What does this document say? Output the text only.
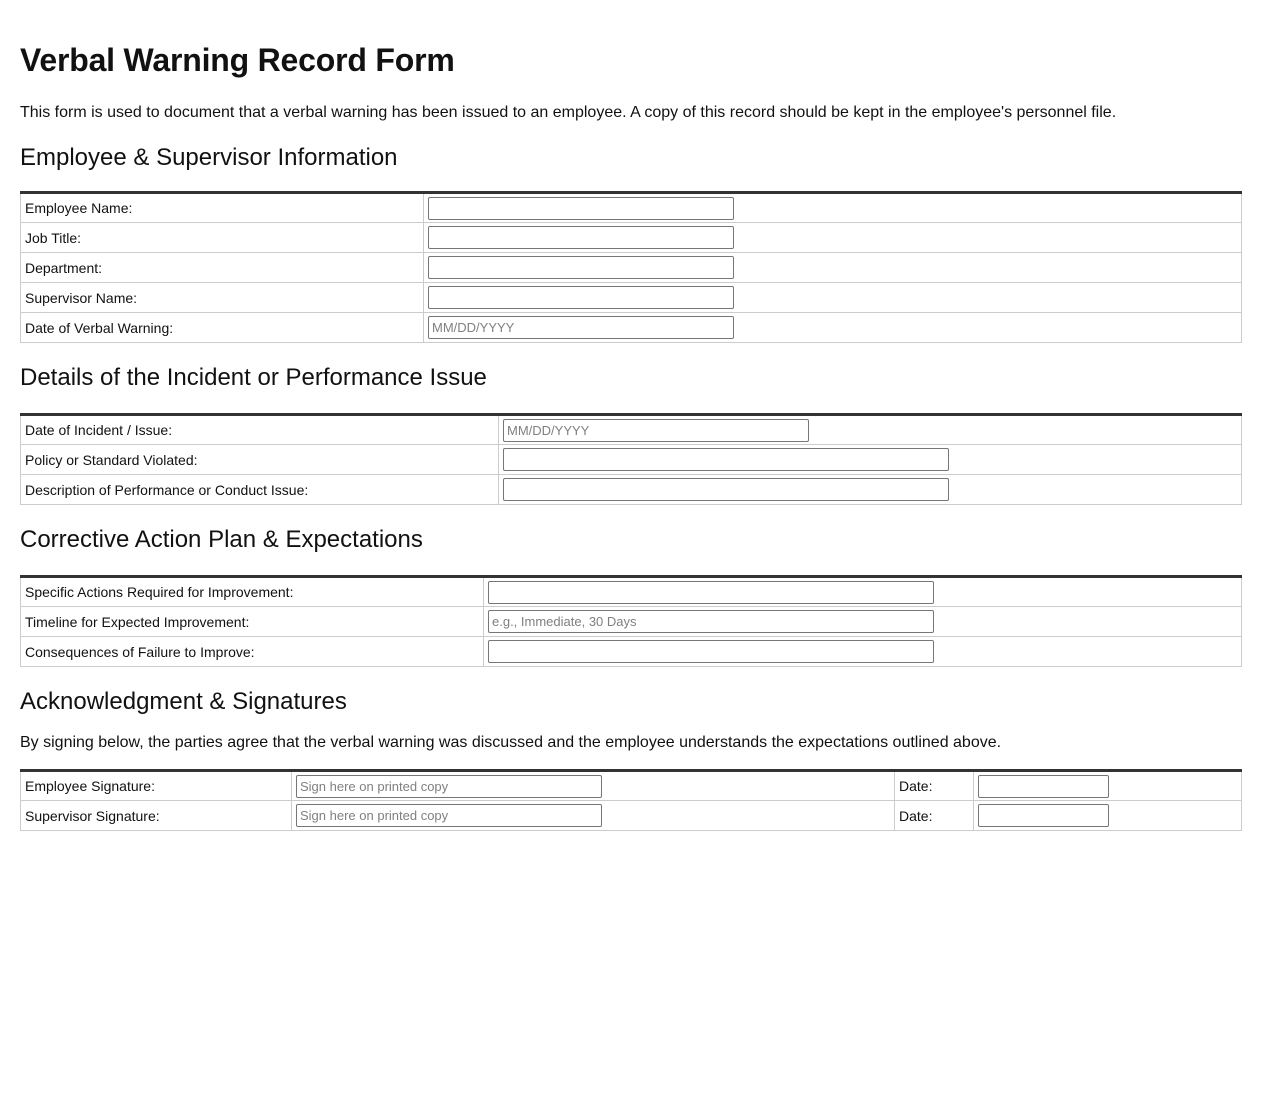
Verbal Warning Record Form

This form is used to document that a verbal warning has been issued to an employee. A copy of this record should be kept in the employee's personnel file.

Employee & Supervisor Information
Employee Name:	

Job Title:	

Department:	

Supervisor Name:	

Date of Verbal Warning:	
MM/DD/YYYY
Details of the Incident or Performance Issue
Date of Incident / Issue:	
MM/DD/YYYY
Policy or Standard Violated:	

Description of Performance or Conduct Issue:	
Corrective Action Plan & Expectations
Specific Actions Required for Improvement:	

Timeline for Expected Improvement:	
e.g., Immediate, 30 Days
Consequences of Failure to Improve:	
Acknowledgment & Signatures

By signing below, the parties agree that the verbal warning was discussed and the employee understands the expectations outlined above.

Employee Signature:	
Sign here on printed copy	Date:	

Supervisor Signature:	
Sign here on printed copy	Date:	
